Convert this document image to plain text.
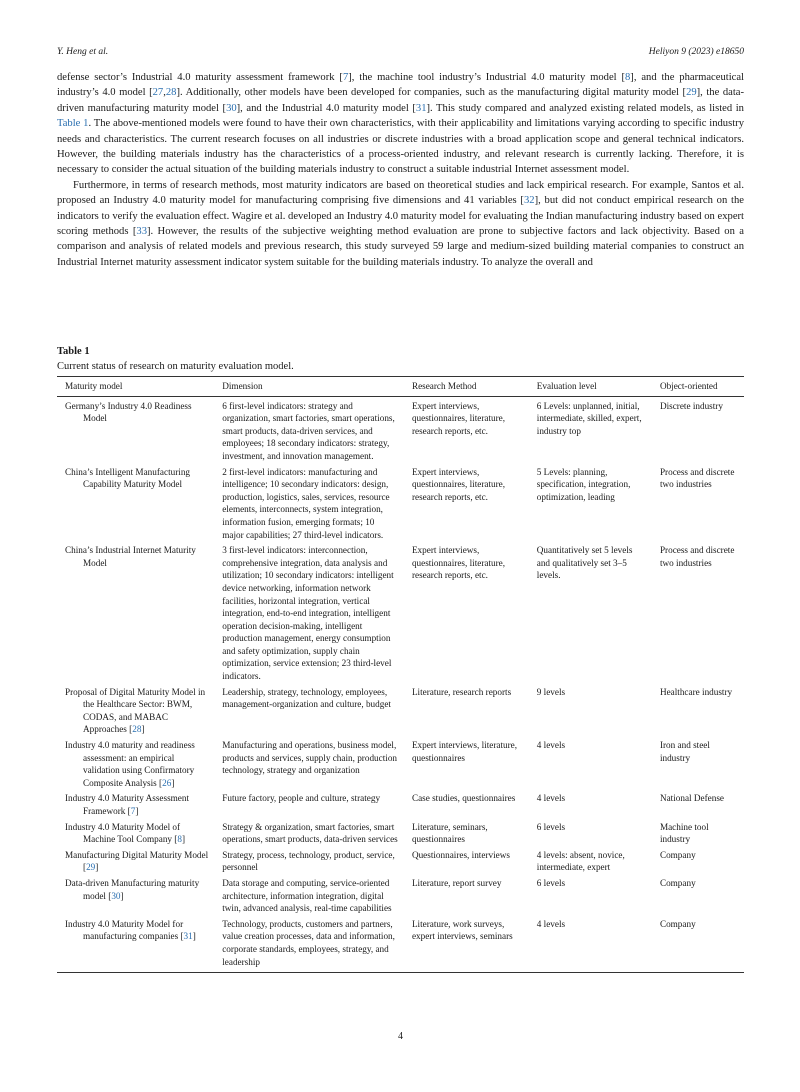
Y. Heng et al.	Heliyon 9 (2023) e18650

defense sector’s Industrial 4.0 maturity assessment framework [7], the machine tool industry’s Industrial 4.0 maturity model [8], and the pharmaceutical industry’s 4.0 model [27,28]. Additionally, other models have been developed for companies, such as the manufacturing digital maturity model [29], the data-driven manufacturing maturity model [30], and the Industrial 4.0 maturity model [31]. This study compared and analyzed existing related models, as listed in Table 1. The above-mentioned models were found to have their own characteristics, with their applicability and limitations varying according to specific industry needs and characteristics. The current research focuses on all industries or discrete industries with a broad application scope and general technical indicators. However, the building materials industry has the characteristics of a process-oriented industry, and relevant research is currently lacking. Therefore, it is necessary to consider the actual situation of the building materials industry to construct a suitable industrial Internet assessment model.

Furthermore, in terms of research methods, most maturity indicators are based on theoretical studies and lack empirical research. For example, Santos et al. proposed an Industry 4.0 maturity model for manufacturing comprising five dimensions and 41 variables [32], but did not conduct empirical research on the indicators to verify the evaluation effect. Wagire et al. developed an Industry 4.0 maturity model for evaluating the Indian manufacturing industry based on expert scoring methods [33]. However, the results of the subjective weighting method evaluation are prone to subjective factors and lack objectivity. Based on a comparison and analysis of related models and previous research, this study surveyed 59 large and medium-sized building material companies to construct an Industrial Internet maturity assessment indicator system suitable for the building materials industry. To analyze the overall and

Table 1
Current status of research on maturity evaluation model.
Maturity model	Dimension	Research Method	Evaluation level	Object-oriented

Germany’s Industry 4.0 Readiness Model	6 first-level indicators: strategy and organization, smart factories, smart operations, smart products, data-driven services, and employees; 18 secondary indicators: strategy, investment, and innovation management.	Expert interviews, questionnaires, literature, research reports, etc.	6 Levels: unplanned, initial, intermediate, skilled, expert, industry top	Discrete industry

China’s Intelligent Manufacturing Capability Maturity Model	2 first-level indicators: manufacturing and intelligence; 10 secondary indicators: design, production, logistics, sales, services, resource elements, interconnects, system integration, information fusion, emerging formats; 10 major capabilities; 27 third-level indicators.	Expert interviews, questionnaires, literature, research reports, etc.	5 Levels: planning, specification, integration, optimization, leading	Process and discrete two industries

China’s Industrial Internet Maturity Model	3 first-level indicators: interconnection, comprehensive integration, data analysis and utilization; 10 secondary indicators: intelligent device networking, information network facilities, horizontal integration, vertical integration, end-to-end integration, intelligent operation decision-making, intelligent production management, energy consumption and safety optimization, supply chain optimization, service extension; 23 third-level indicators.	Expert interviews, questionnaires, literature, research reports, etc.	Quantitatively set 5 levels and qualitatively set 3–5 levels.	Process and discrete two industries

Proposal of Digital Maturity Model in the Healthcare Sector: BWM, CODAS, and MABAC Approaches [28]	Leadership, strategy, technology, employees, management-organization and culture, budget	Literature, research reports	9 levels	Healthcare industry

Industry 4.0 maturity and readiness assessment: an empirical validation using Confirmatory Composite Analysis [26]	Manufacturing and operations, business model, products and services, supply chain, production technology, strategy and organization	Expert interviews, literature, questionnaires	4 levels	Iron and steel industry

Industry 4.0 Maturity Assessment Framework [7]	Future factory, people and culture, strategy	Case studies, questionnaires	4 levels	National Defense

Industry 4.0 Maturity Model of Machine Tool Company [8]	Strategy & organization, smart factories, smart operations, smart products, data-driven services	Literature, seminars, questionnaires	6 levels	Machine tool industry

Manufacturing Digital Maturity Model [29]	Strategy, process, technology, product, service, personnel	Questionnaires, interviews	4 levels: absent, novice, intermediate, expert	Company

Data-driven Manufacturing maturity model [30]	Data storage and computing, service-oriented architecture, information integration, digital twin, advanced analysis, real-time capabilities	Literature, report survey	6 levels	Company

Industry 4.0 Maturity Model for manufacturing companies [31]	Technology, products, customers and partners, value creation processes, data and information, corporate standards, employees, strategy, and leadership	Literature, work surveys, expert interviews, seminars	4 levels	Company
4
